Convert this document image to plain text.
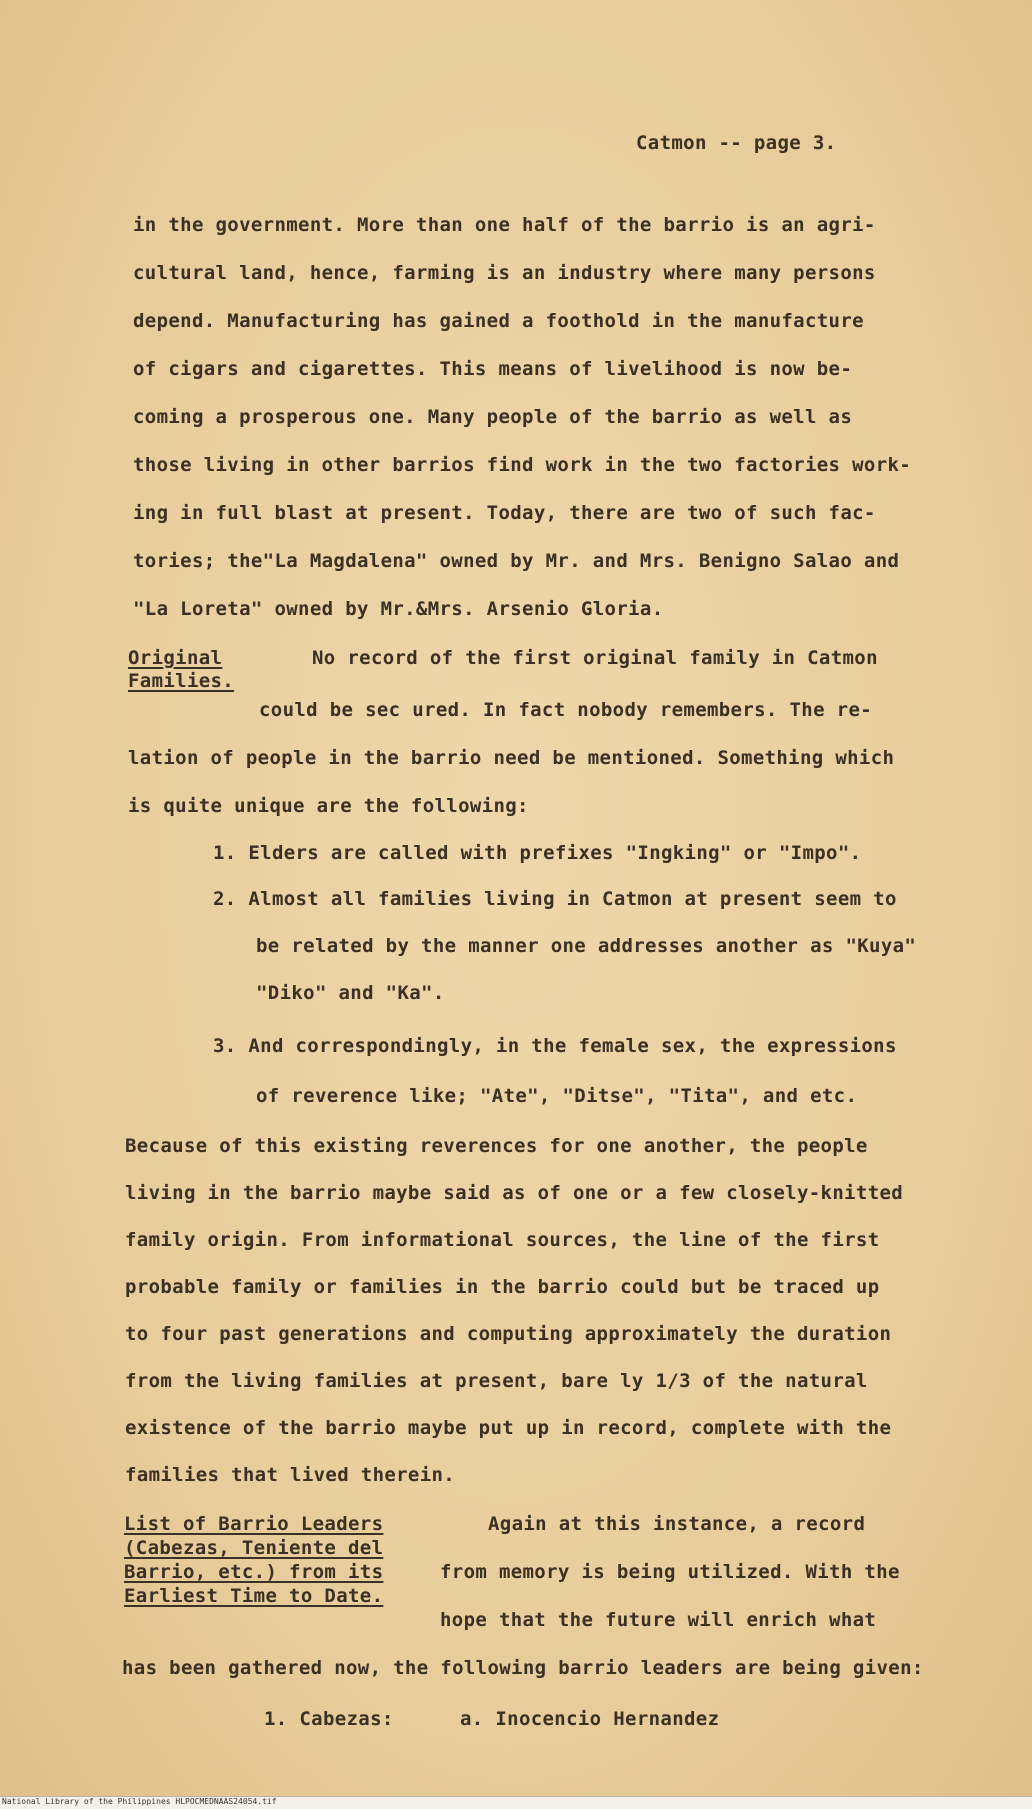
Catmon -- page 3.
in the government. More than one half of the barrio is an agri-
cultural land, hence, farming is an industry where many persons
depend. Manufacturing has gained a foothold in the manufacture
of cigars and cigarettes. This means of livelihood is now be-
coming a prosperous one. Many people of the barrio as well as
those living in other barrios find work in the two factories work-
ing in full blast at present. Today, there are two of such fac-
tories; the"La Magdalena" owned by Mr. and Mrs. Benigno Salao and
"La Loreta" owned by Mr.&Mrs. Arsenio Gloria.
Original
Families.
No record of the first original family in Catmon
could be sec ured. In fact nobody remembers. The re-
lation of people in the barrio need be mentioned. Something which
is quite unique are the following:
1. Elders are called with prefixes "Ingking" or "Impo".
2. Almost all families living in Catmon at present seem to
be related by the manner one addresses another as "Kuya"
"Diko" and "Ka".
3. And correspondingly, in the female sex, the expressions
of reverence like; "Ate", "Ditse", "Tita", and etc.
Because of this existing reverences for one another, the people
living in the barrio maybe said as of one or a few closely-knitted
family origin. From informational sources, the line of the first
probable family or families in the barrio could but be traced up
to four past generations and computing approximately the duration
from the living families at present, bare ly 1/3 of the natural
existence of the barrio maybe put up in record, complete with the
families that lived therein.
List of Barrio Leaders
(Cabezas, Teniente del
Barrio, etc.) from its
Earliest Time to Date.
Again at this instance, a record
from memory is being utilized. With the
hope that the future will enrich what
has been gathered now, the following barrio leaders are being given:
1. Cabezas:	a. Inocencio Hernandez
National Library of the Philippines HLPOCMEDNAAS24054.tif
